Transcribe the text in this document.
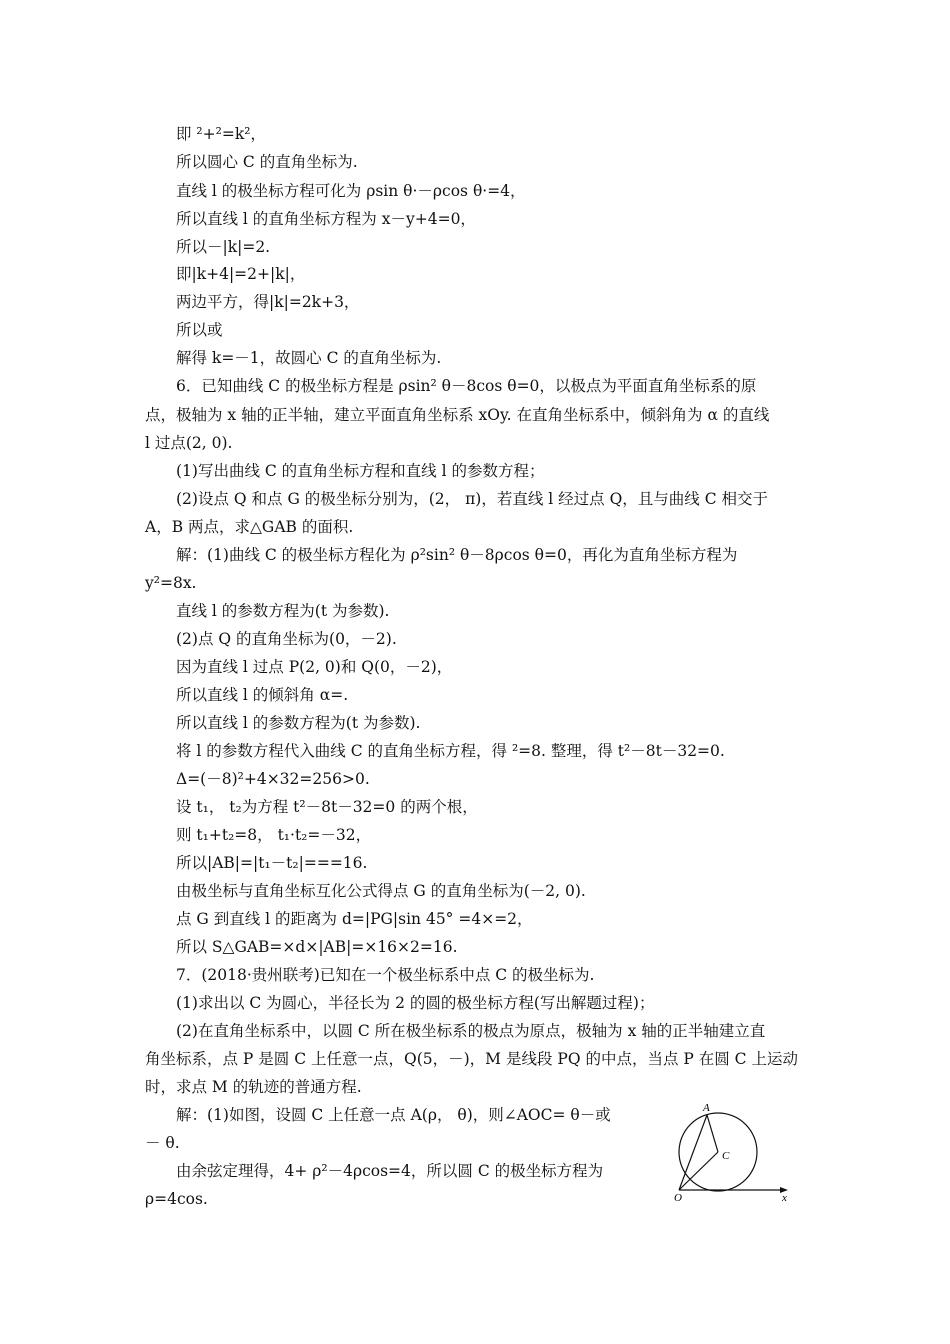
即 ²+²=k²，
所以圆心 C 的直角坐标为.
直线 l 的极坐标方程可化为 ρsin θ·－ρcos θ·=4，
所以直线 l 的直角坐标方程为 x－y+4=0，
所以－|k|=2.
即|k+4|=2+|k|，
两边平方，得|k|=2k+3，
所以或
解得 k=－1，故圆心 C 的直角坐标为.
6．已知曲线 C 的极坐标方程是 ρsin² θ－8cos θ=0，以极点为平面直角坐标系的原
点，极轴为 x 轴的正半轴，建立平面直角坐标系 xOy. 在直角坐标系中，倾斜角为 α 的直线
l 过点(2, 0).
(1)写出曲线 C 的直角坐标方程和直线 l 的参数方程；
(2)设点 Q 和点 G 的极坐标分别为，(2， π)，若直线 l 经过点 Q，且与曲线 C 相交于
A，B 两点，求△GAB 的面积.
解：(1)曲线 C 的极坐标方程化为 ρ²sin² θ－8ρcos θ=0，再化为直角坐标方程为
y²=8x.
直线 l 的参数方程为(t 为参数).
(2)点 Q 的直角坐标为(0，－2).
因为直线 l 过点 P(2, 0)和 Q(0，－2)，
所以直线 l 的倾斜角 α=.
所以直线 l 的参数方程为(t 为参数).
将 l 的参数方程代入曲线 C 的直角坐标方程，得 ²=8. 整理，得 t²－8t－32=0.
Δ=(－8)²+4×32=256>0.
设 t₁， t₂为方程 t²－8t－32=0 的两个根，
则 t₁+t₂=8， t₁·t₂=－32，
所以|AB|=|t₁－t₂|===16.
由极坐标与直角坐标互化公式得点 G 的直角坐标为(－2, 0).
点 G 到直线 l 的距离为 d=|PG|sin 45° =4×=2，
所以 S△GAB=×d×|AB|=×16×2=16.
7．(2018·贵州联考)已知在一个极坐标系中点 C 的极坐标为.
(1)求出以 C 为圆心，半径长为 2 的圆的极坐标方程(写出解题过程)；
(2)在直角坐标系中，以圆 C 所在极坐标系的极点为原点，极轴为 x 轴的正半轴建立直
角坐标系，点 P 是圆 C 上任意一点，Q(5，－)，M 是线段 PQ 的中点，当点 P 在圆 C 上运动
时，求点 M 的轨迹的普通方程.
解：(1)如图，设圆 C 上任意一点 A(ρ， θ)，则∠AOC= θ－或
－ θ.
由余弦定理得，4+ ρ²－4ρcos=4，所以圆 C 的极坐标方程为
ρ=4cos.
A
C
O	x
